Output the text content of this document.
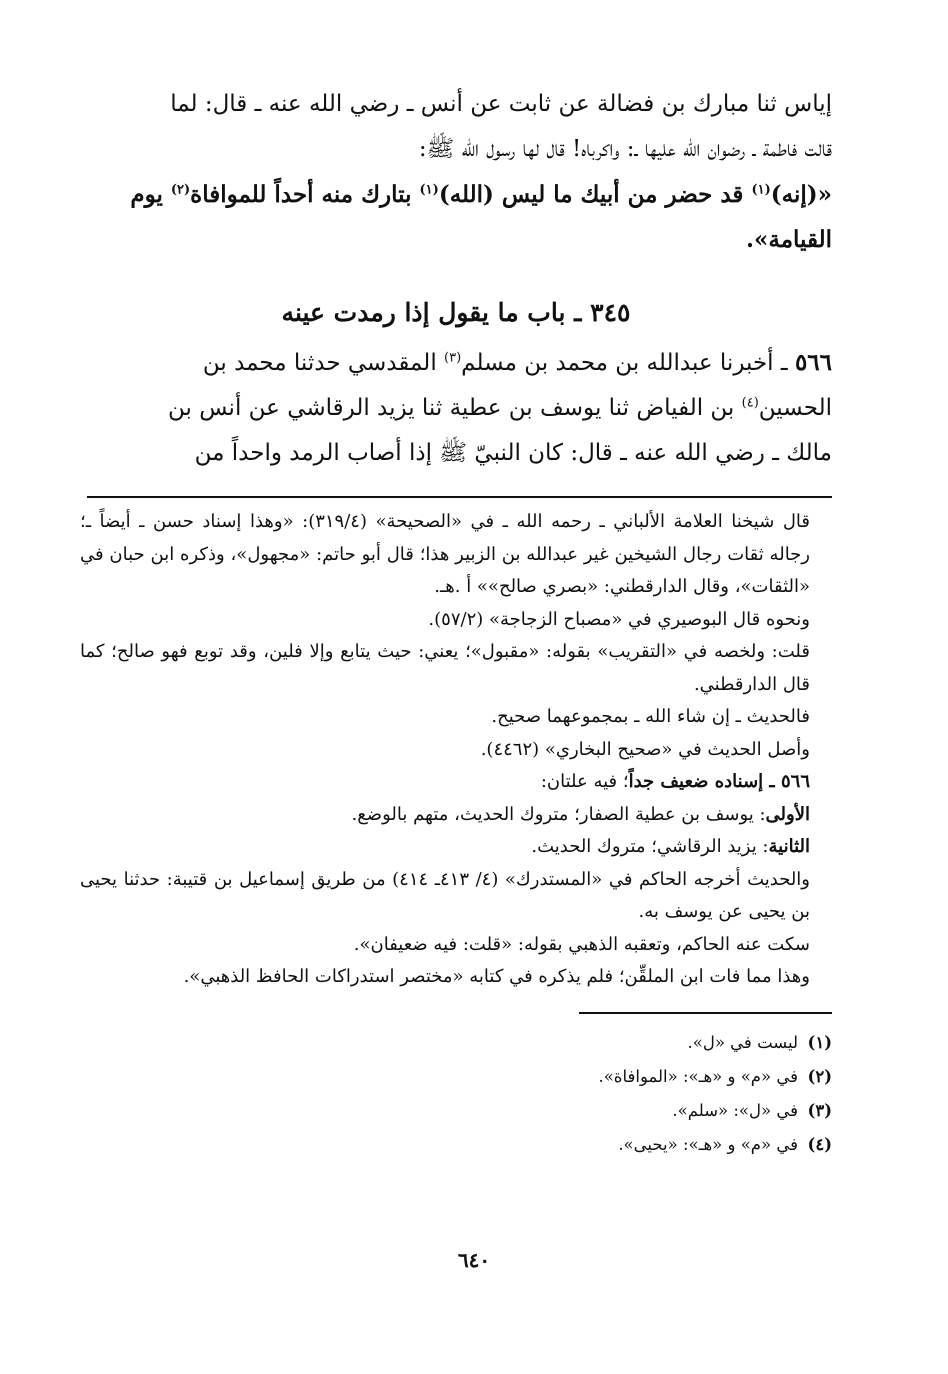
إياس ثنا مبارك بن فضالة عن ثابت عن أنس ـ رضي الله عنه ـ قال: لما

قالت فاطمة ـ رضوان الله عليها ـ: واكرباه! قال لها رسول الله ﷺ:

«(إنه)$^{(١)}$ قد حضر من أبيك ما ليس (الله)$^{(١)}$ بتارك منه أحداً للموافاة$^{(٢)}$ يوم

القيامة».

٣٤٥ ـ باب ما يقول إذا رمدت عينه

٥٦٦ ـ أخبرنا عبدالله بن محمد بن مسلم$^{(٣)}$ المقدسي حدثنا محمد بن

الحسين$^{(٤)}$ بن الفياض ثنا يوسف بن عطية ثنا يزيد الرقاشي عن أنس بن

مالك ـ رضي الله عنه ـ قال: كان النبيّ ﷺ إذا أصاب الرمد واحداً من

قال شيخنا العلامة الألباني ـ رحمه الله ـ في «الصحيحة» (٣١٩/٤): «وهذا إسناد حسن ـ أيضاً ـ؛ رجاله ثقات رجال الشيخين غير عبدالله بن الزبير هذا؛ قال أبو حاتم: «مجهول»، وذكره ابن حبان في «الثقات»، وقال الدارقطني: «بصري صالح»» أ .هـ.

ونحوه قال البوصيري في «مصباح الزجاجة» (٥٧/٢).

قلت: ولخصه في «التقريب» بقوله: «مقبول»؛ يعني: حيث يتابع وإلا فلين، وقد توبع فهو صالح؛ كما قال الدارقطني.

فالحديث ـ إن شاء الله ـ بمجموعهما صحيح.

وأصل الحديث في «صحيح البخاري» (٤٤٦٢).

٥٦٦ ـ إسناده ضعيف جداً؛ فيه علتان:

الأولى: يوسف بن عطية الصفار؛ متروك الحديث، متهم بالوضع.

الثانية: يزيد الرقاشي؛ متروك الحديث.

والحديث أخرجه الحاكم في «المستدرك» (٤/ ٤١٣ـ ٤١٤) من طريق إسماعيل بن قتيبة: حدثنا يحيى بن يحيى عن يوسف به.

سكت عنه الحاكم، وتعقبه الذهبي بقوله: «قلت: فيه ضعيفان».

وهذا مما فات ابن الملقِّن؛ فلم يذكره في كتابه «مختصر استدراكات الحافظ الذهبي».

(١)
ليست في «ل».
(٢)
في «م» و «هـ»: «الموافاة».
(٣)
في «ل»: «سلم».
(٤)
في «م» و «هـ»: «يحيى».
٦٤٠
